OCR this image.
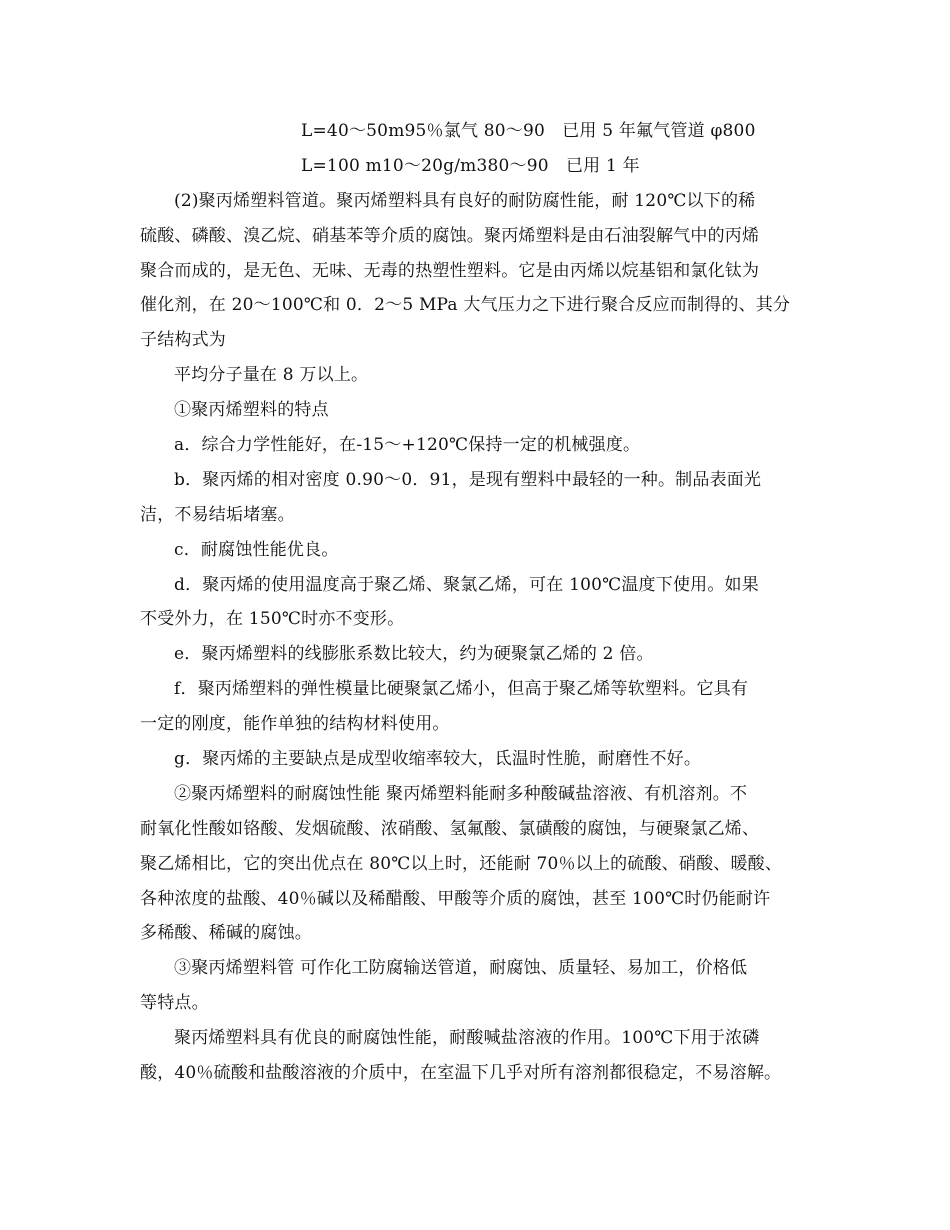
L=40～50m95％氯气 80～90　已用 5 年氟气管道 φ800
L=100 m10～20g/m380～90　已用 1 年
(2)聚丙烯塑料管道。聚丙烯塑料具有良好的耐防腐性能，耐 120℃以下的稀
硫酸、磷酸、溴乙烷、硝基苯等介质的腐蚀。聚丙烯塑料是由石油裂解气中的丙烯
聚合而成的，是无色、无味、无毒的热塑性塑料。它是由丙烯以烷基铝和氯化钛为
催化剂，在 20～100℃和 0．2～5 MPa 大气压力之下进行聚合反应而制得的、其分
子结构式为
平均分子量在 8 万以上。
①聚丙烯塑料的特点
a．综合力学性能好，在-15～+120℃保持一定的机械强度。
b．聚丙烯的相对密度 0.90～0．91，是现有塑料中最轻的一种。制品表面光
洁，不易结垢堵塞。
c．耐腐蚀性能优良。
d．聚丙烯的使用温度高于聚乙烯、聚氯乙烯，可在 100℃温度下使用。如果
不受外力，在 150℃时亦不变形。
e．聚丙烯塑料的线膨胀系数比较大，约为硬聚氯乙烯的 2 倍。
f．聚丙烯塑料的弹性模量比硬聚氯乙烯小，但高于聚乙烯等软塑料。它具有
一定的刚度，能作单独的结构材料使用。
g．聚丙烯的主要缺点是成型收缩率较大，氐温时性脆，耐磨性不好。
②聚丙烯塑料的耐腐蚀性能 聚丙烯塑料能耐多种酸碱盐溶液、有机溶剂。不
耐氧化性酸如铬酸、发烟硫酸、浓硝酸、氢氟酸、氯磺酸的腐蚀，与硬聚氯乙烯、
聚乙烯相比，它的突出优点在 80℃以上时，还能耐 70％以上的硫酸、硝酸、暖酸、
各种浓度的盐酸、40％碱以及稀醋酸、甲酸等介质的腐蚀，甚至 100℃时仍能耐许
多稀酸、稀碱的腐蚀。
③聚丙烯塑料管 可作化工防腐输送管道，耐腐蚀、质量轻、易加工，价格低
等特点。
聚丙烯塑料具有优良的耐腐蚀性能，耐酸喊盐溶液的作用。100℃下用于浓磷
酸，40％硫酸和盐酸溶液的介质中，在室温下几乎对所有溶剂都很稳定，不易溶解。
